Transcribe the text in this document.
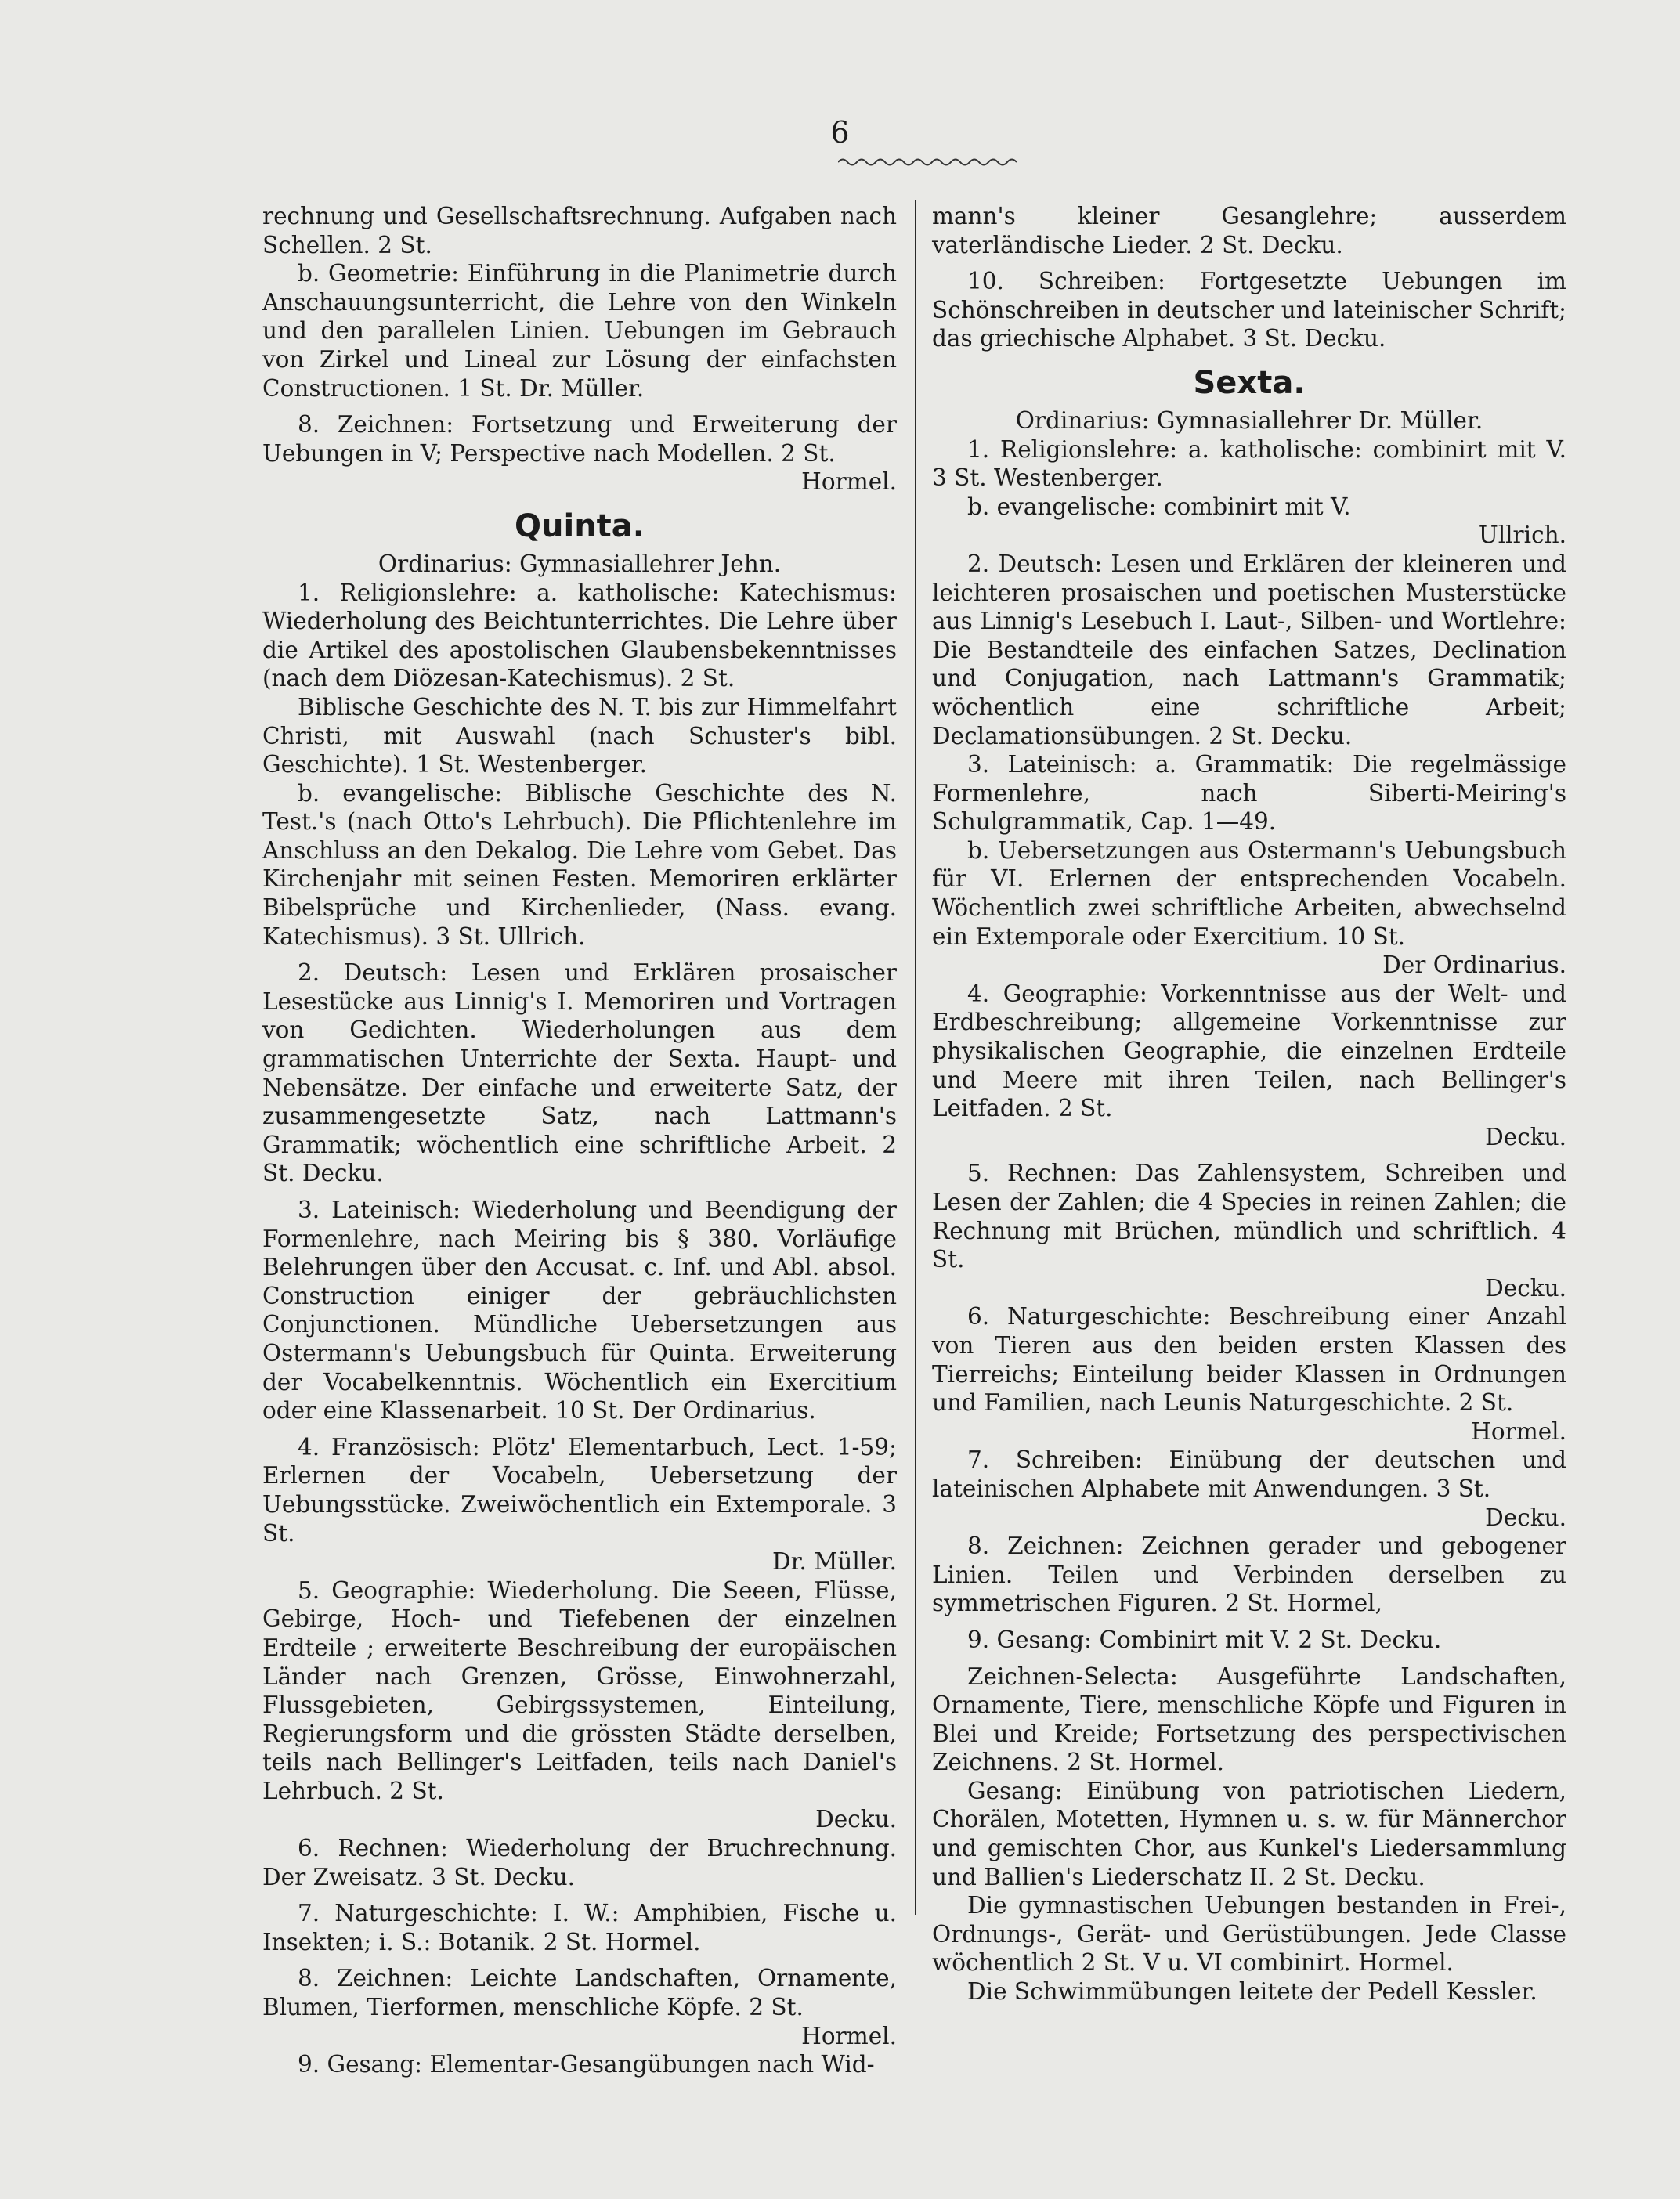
6

rechnung und Gesellschaftsrechnung. Aufgaben nach Schellen. 2 St.

b. Geometrie: Einführung in die Planimetrie durch Anschauungsunterricht, die Lehre von den Winkeln und den parallelen Linien. Uebungen im Gebrauch von Zirkel und Lineal zur Lösung der einfachsten Constructionen. 1 St. Dr. Müller.

8. Zeichnen: Fortsetzung und Erweiterung der Uebungen in V; Perspective nach Modellen. 2 St.

Hormel.

Quinta.
Ordinarius: Gymnasiallehrer Jehn.

1. Religionslehre: a. katholische: Katechismus: Wiederholung des Beichtunterrichtes. Die Lehre über die Artikel des apostolischen Glaubensbekenntnisses (nach dem Diözesan-Katechismus). 2 St.

Biblische Geschichte des N. T. bis zur Himmelfahrt Christi, mit Auswahl (nach Schuster's bibl. Geschichte). 1 St. Westenberger.

b. evangelische: Biblische Geschichte des N. Test.'s (nach Otto's Lehrbuch). Die Pflichtenlehre im Anschluss an den Dekalog. Die Lehre vom Gebet. Das Kirchenjahr mit seinen Festen. Memoriren erklärter Bibelsprüche und Kirchenlieder, (Nass. evang. Katechismus). 3 St. Ullrich.

2. Deutsch: Lesen und Erklären prosaischer Lesestücke aus Linnig's I. Memoriren und Vortragen von Gedichten. Wiederholungen aus dem grammatischen Unterrichte der Sexta. Haupt- und Nebensätze. Der einfache und erweiterte Satz, der zusammengesetzte Satz, nach Lattmann's Grammatik; wöchentlich eine schriftliche Arbeit. 2 St. Decku.

3. Lateinisch: Wiederholung und Beendigung der Formenlehre, nach Meiring bis § 380. Vorläufige Belehrungen über den Accusat. c. Inf. und Abl. absol. Construction einiger der gebräuchlichsten Conjunctionen. Mündliche Uebersetzungen aus Ostermann's Uebungsbuch für Quinta. Erweiterung der Vocabelkenntnis. Wöchentlich ein Exercitium oder eine Klassenarbeit. 10 St. Der Ordinarius.

4. Französisch: Plötz' Elementarbuch, Lect. 1-59; Erlernen der Vocabeln, Uebersetzung der Uebungsstücke. Zweiwöchentlich ein Extemporale. 3 St.

Dr. Müller.

5. Geographie: Wiederholung. Die Seeen, Flüsse, Gebirge, Hoch- und Tiefebenen der einzelnen Erdteile ; erweiterte Beschreibung der europäischen Länder nach Grenzen, Grösse, Einwohnerzahl, Flussgebieten, Gebirgssystemen, Einteilung, Regierungsform und die grössten Städte derselben, teils nach Bellinger's Leitfaden, teils nach Daniel's Lehrbuch. 2 St.

Decku.

6. Rechnen: Wiederholung der Bruchrechnung. Der Zweisatz. 3 St. Decku.

7. Naturgeschichte: I. W.: Amphibien, Fische u. Insekten; i. S.: Botanik. 2 St. Hormel.

8. Zeichnen: Leichte Landschaften, Ornamente, Blumen, Tierformen, menschliche Köpfe. 2 St.

Hormel.

9. Gesang: Elementar-Gesangübungen nach Wid-

mann's kleiner Gesanglehre; ausserdem vaterländische Lieder. 2 St. Decku.

10. Schreiben: Fortgesetzte Uebungen im Schönschreiben in deutscher und lateinischer Schrift; das griechische Alphabet. 3 St. Decku.

Sexta.
Ordinarius: Gymnasiallehrer Dr. Müller.

1. Religionslehre: a. katholische: combinirt mit V. 3 St. Westenberger.

b. evangelische: combinirt mit V.

Ullrich.

2. Deutsch: Lesen und Erklären der kleineren und leichteren prosaischen und poetischen Musterstücke aus Linnig's Lesebuch I. Laut-, Silben- und Wortlehre: Die Bestandteile des einfachen Satzes, Declination und Conjugation, nach Lattmann's Grammatik; wöchentlich eine schriftliche Arbeit; Declamationsübungen. 2 St. Decku.

3. Lateinisch: a. Grammatik: Die regelmässige Formenlehre, nach Siberti-Meiring's Schulgrammatik, Cap. 1—49.

b. Uebersetzungen aus Ostermann's Uebungsbuch für VI. Erlernen der entsprechenden Vocabeln. Wöchentlich zwei schriftliche Arbeiten, abwechselnd ein Extemporale oder Exercitium. 10 St.

Der Ordinarius.

4. Geographie: Vorkenntnisse aus der Welt- und Erdbeschreibung; allgemeine Vorkenntnisse zur physikalischen Geographie, die einzelnen Erdteile und Meere mit ihren Teilen, nach Bellinger's Leitfaden. 2 St.

Decku.

5. Rechnen: Das Zahlensystem, Schreiben und Lesen der Zahlen; die 4 Species in reinen Zahlen; die Rechnung mit Brüchen, mündlich und schriftlich. 4 St.

Decku.

6. Naturgeschichte: Beschreibung einer Anzahl von Tieren aus den beiden ersten Klassen des Tierreichs; Einteilung beider Klassen in Ordnungen und Familien, nach Leunis Naturgeschichte. 2 St.

Hormel.

7. Schreiben: Einübung der deutschen und lateinischen Alphabete mit Anwendungen. 3 St.

Decku.

8. Zeichnen: Zeichnen gerader und gebogener Linien. Teilen und Verbinden derselben zu symmetrischen Figuren. 2 St. Hormel,

9. Gesang: Combinirt mit V. 2 St. Decku.

Zeichnen-Selecta: Ausgeführte Landschaften, Ornamente, Tiere, menschliche Köpfe und Figuren in Blei und Kreide; Fortsetzung des perspectivischen Zeichnens. 2 St. Hormel.

Gesang: Einübung von patriotischen Liedern, Chorälen, Motetten, Hymnen u. s. w. für Männerchor und gemischten Chor, aus Kunkel's Liedersammlung und Ballien's Liederschatz II. 2 St. Decku.

Die gymnastischen Uebungen bestanden in Frei-, Ordnungs-, Gerät- und Gerüstübungen. Jede Classe wöchentlich 2 St. V u. VI combinirt. Hormel.

Die Schwimmübungen leitete der Pedell Kessler.
